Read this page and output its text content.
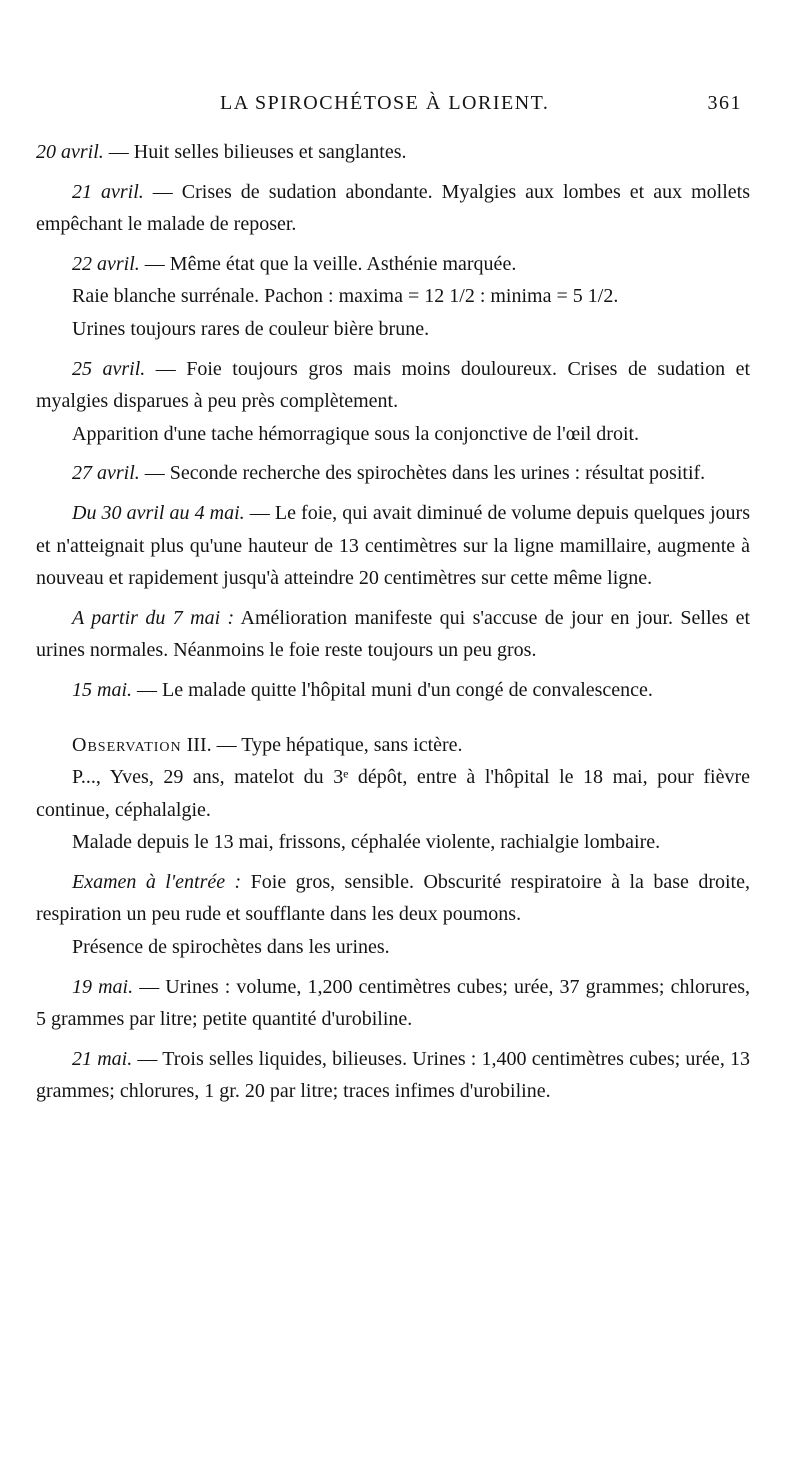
LA SPIROCHÉTOSE À LORIENT.	361

20 avril. — Huit selles bilieuses et sanglantes.

21 avril. — Crises de sudation abondante. Myalgies aux lombes et aux mollets empêchant le malade de reposer.

22 avril. — Même état que la veille. Asthénie marquée.

Raie blanche surrénale. Pachon : maxima = 12 1/2 : minima = 5 1/2.

Urines toujours rares de couleur bière brune.

25 avril. — Foie toujours gros mais moins douloureux. Crises de sudation et myalgies disparues à peu près complètement.

Apparition d'une tache hémorragique sous la conjonctive de l'œil droit.

27 avril. — Seconde recherche des spirochètes dans les urines : résultat positif.

Du 30 avril au 4 mai. — Le foie, qui avait diminué de volume depuis quelques jours et n'atteignait plus qu'une hauteur de 13 centimètres sur la ligne mamillaire, augmente à nouveau et rapidement jusqu'à atteindre 20 centimètres sur cette même ligne.

A partir du 7 mai : Amélioration manifeste qui s'accuse de jour en jour. Selles et urines normales. Néanmoins le foie reste toujours un peu gros.

15 mai. — Le malade quitte l'hôpital muni d'un congé de convalescence.

Observation III. — Type hépatique, sans ictère.

P..., Yves, 29 ans, matelot du 3ᵉ dépôt, entre à l'hôpital le 18 mai, pour fièvre continue, céphalalgie.

Malade depuis le 13 mai, frissons, céphalée violente, rachialgie lombaire.

Examen à l'entrée : Foie gros, sensible. Obscurité respiratoire à la base droite, respiration un peu rude et soufflante dans les deux poumons.

Présence de spirochètes dans les urines.

19 mai. — Urines : volume, 1,200 centimètres cubes; urée, 37 grammes; chlorures, 5 grammes par litre; petite quantité d'urobiline.

21 mai. — Trois selles liquides, bilieuses. Urines : 1,400 centimètres cubes; urée, 13 grammes; chlorures, 1 gr. 20 par litre; traces infimes d'urobiline.
